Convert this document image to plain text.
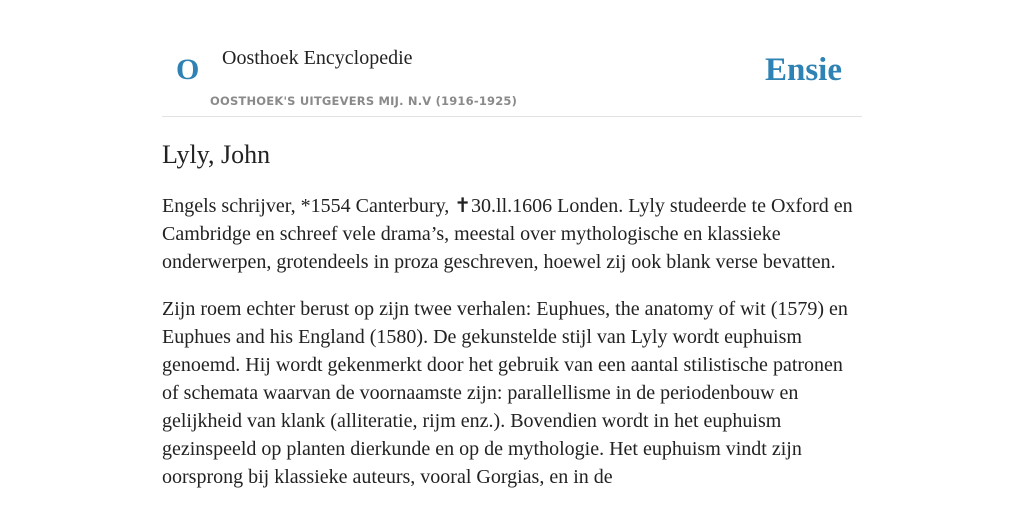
O Oosthoek Encyclopedie
OOSTHOEK'S UITGEVERS MIJ. N.V (1916-1925)
Ensie
Lyly, John

Engels schrijver, *1554 Canterbury, ✝30.ll.1606 Londen. Lyly studeerde te Oxford en Cambridge en schreef vele drama’s, meestal over mythologische en klassieke onderwerpen, grotendeels in proza geschreven, hoewel zij ook blank verse bevatten.

Zijn roem echter berust op zijn twee verhalen: Euphues, the anatomy of wit (1579) en Euphues and his England (1580). De gekunstelde stijl van Lyly wordt euphuism genoemd. Hij wordt gekenmerkt door het gebruik van een aantal stilistische patronen of schemata waarvan de voornaamste zijn: parallellisme in de periodenbouw en gelijkheid van klank (alliteratie, rijm enz.). Bovendien wordt in het euphuism gezinspeeld op planten dierkunde en op de mythologie. Het euphuism vindt zijn oorsprong bij klassieke auteurs, vooral Gorgias, en in de
